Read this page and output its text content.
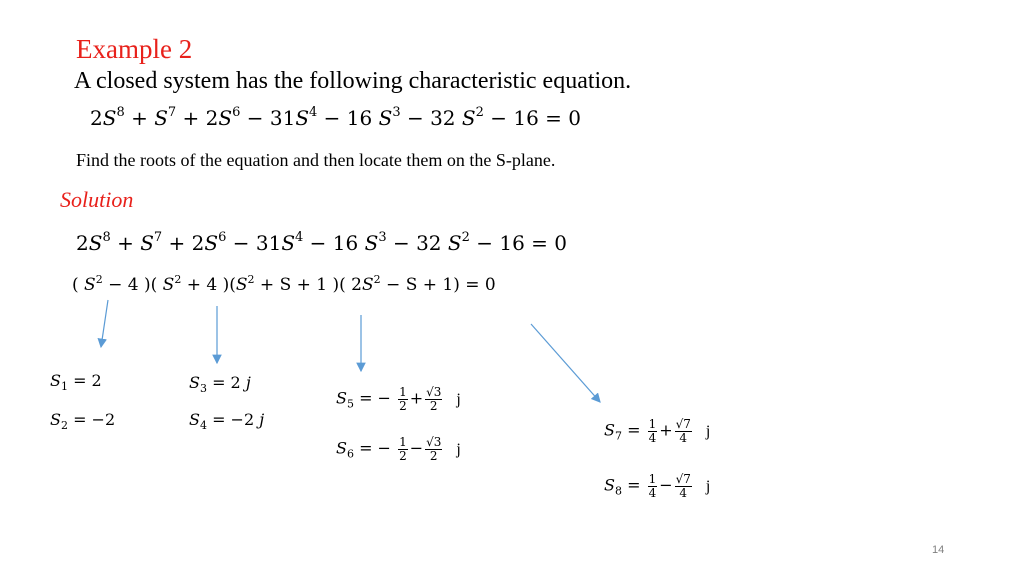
Example 2
A closed system has the following characteristic equation.
$2S^8 + S^7 + 2S^6 - 31S^4 - 16$ $S^3 - 32$ $S^2 - 16 = 0$
Find the roots of the equation and then locate them on the S-plane.
Solution
$2S^8 + S^7 + 2S^6 - 31S^4 - 16$ $S^3 - 32$ $S^2 - 16 = 0$
( $S^2 - 4$ )( $S^2 + 4$ )($S^2 + S + 1$ )( $2S^2 - S + 1) = 0$
$S_1 = 2$
$S_2 = -2$
$S_3 = 2$ j
$S_4 = -2$ j
$S_5$ = − $\frac{1}{2} + \frac{√3}{2}$ j
$S_6$ = − $\frac{1}{2} - \frac{√3}{2}$ j
$S_7 = \frac{1}{4} + \frac{√7}{4}$ j
$S_8 = \frac{1}{4} - \frac{√7}{4}$ j
14
